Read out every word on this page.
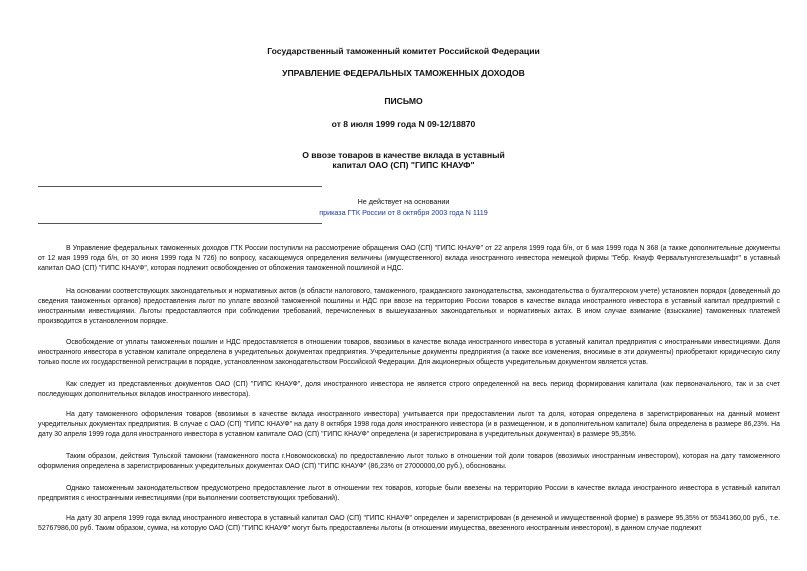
Государственный таможенный комитет Российской Федерации
УПРАВЛЕНИЕ ФЕДЕРАЛЬНЫХ ТАМОЖЕННЫХ ДОХОДОВ
ПИСЬМО
от 8 июля 1999 года N 09-12/18870
О ввозе товаров в качестве вклада в уставный
капитал ОАО (СП) "ГИПС КНАУФ"
Не действует на основании
приказа ГТК России от 8 октября 2003 года N 1119

В Управление федеральных таможенных доходов ГТК России поступили на рассмотрение обращения ОАО (СП) "ГИПС КНАУФ" от 22 апреля 1999 года б/н, от 6 мая 1999 года N 368 (а также дополнительные документы от 12 мая 1999 года б/н, от 30 июня 1999 года N 726) по вопросу, касающемуся определения величины (имущественного) вклада иностранного инвестора немецкой фирмы "Гебр. Кнауф Фервальтунгсгезельшафт" в уставный капитал ОАО (СП) "ГИПС КНАУФ", которая подлежит освобождению от обложения таможенной пошлиной и НДС.

На основании соответствующих законодательных и нормативных актов (в области налогового, таможенного, гражданского законодательства, законодательства о бухгалтерском учете) установлен порядок (доведенный до сведения таможенных органов) предоставления льгот по уплате ввозной таможенной пошлины и НДС при ввозе на территорию России товаров в качестве вклада иностранного инвестора в уставный капитал предприятий с иностранными инвестициями. Льготы предоставляются при соблюдении требований, перечисленных в вышеуказанных законодательных и нормативных актах. В ином случае взимание (взыскание) таможенных платежей производится в установленном порядке.

Освобождение от уплаты таможенных пошлин и НДС предоставляется в отношении товаров, ввозимых в качестве вклада иностранного инвестора в уставный капитал предприятия с иностранными инвестициями. Доля иностранного инвестора в уставном капитале определена в учредительных документах предприятия. Учредительные документы предприятия (а также все изменения, вносимые в эти документы) приобретают юридическую силу только после их государственной регистрации в порядке, установленном законодательством Российской Федерации. Для акционерных обществ учредительным документом является устав.

Как следует из представленных документов ОАО (СП) "ГИПС КНАУФ", доля иностранного инвестора не является строго определенной на весь период формирования капитала (как первоначального, так и за счет последующих дополнительных вкладов иностранного инвестора).

На дату таможенного оформления товаров (ввозимых в качестве вклада иностранного инвестора) учитывается при предоставлении льгот та доля, которая определена в зарегистрированных на данный момент учредительных документах предприятия. В случае с ОАО (СП) "ГИПС КНАУФ" на дату 8 октября 1998 года доля иностранного инвестора (и в размещенном, и в дополнительном капитале) была определена в размере 86,23%. На дату 30 апреля 1999 года доля иностранного инвестора в уставном капитале ОАО (СП) "ГИПС КНАУФ" определена (и зарегистрирована в учредительных документах) в размере 95,35%.

Таким образом, действия Тульской таможни (таможенного поста г.Новомосковска) по предоставлению льгот только в отношении той доли товаров (ввозимых иностранным инвестором), которая на дату таможенного оформления определена в зарегистрированных учредительных документах ОАО (СП) "ГИПС КНАУФ" (86,23% от 27000000,00 руб.), обоснованы.

Однако таможенным законодательством предусмотрено предоставление льгот в отношении тех товаров, которые были ввезены на территорию России в качестве вклада иностранного инвестора в уставный капитал предприятия с иностранными инвестициями (при выполнении соответствующих требований).

На дату 30 апреля 1999 года вклад иностранного инвестора в уставный капитал ОАО (СП) "ГИПС КНАУФ" определен и зарегистрирован (в денежной и имущественной форме) в размере 95,35% от 55341360,00 руб., т.е. 52767986,00 руб. Таким образом, сумма, на которую ОАО (СП) "ГИПС КНАУФ" могут быть предоставлены льготы (в отношении имущества, ввезенного иностранным инвестором), в данном случае подлежит
